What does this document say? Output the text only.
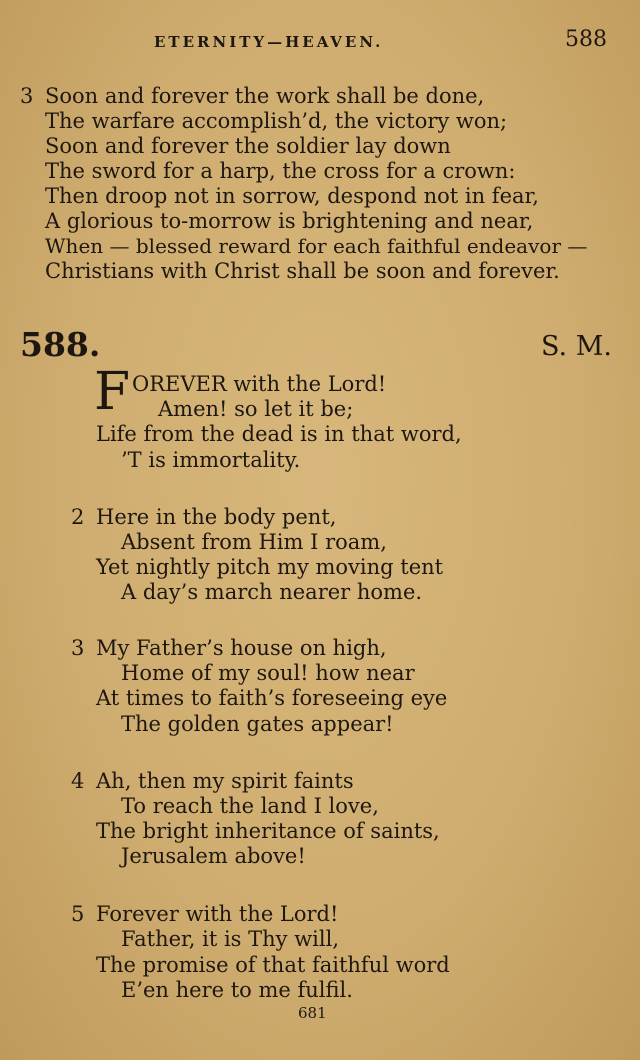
ETERNITY—HEAVEN.	588
3 Soon and forever the work shall be done,
The warfare accomplish’d, the victory won;
Soon and forever the soldier lay down
The sword for a harp, the cross for a crown:
Then droop not in sorrow, despond not in fear,
A glorious to-morrow is brightening and near,
When — blessed reward for each faithful endeavor —
Christians with Christ shall be soon and forever.
588.	S. M.
F OREVER with the Lord!
Amen! so let it be;
Life from the dead is in that word,
’T is immortality.
2 Here in the body pent,
Absent from Him I roam,
Yet nightly pitch my moving tent
A day’s march nearer home.
3 My Father’s house on high,
Home of my soul! how near
At times to faith’s foreseeing eye
The golden gates appear!
4 Ah, then my spirit faints
To reach the land I love,
The bright inheritance of saints,
Jerusalem above!
5 Forever with the Lord!
Father, it is Thy will,
The promise of that faithful word
E’en here to me fulfil.
681
